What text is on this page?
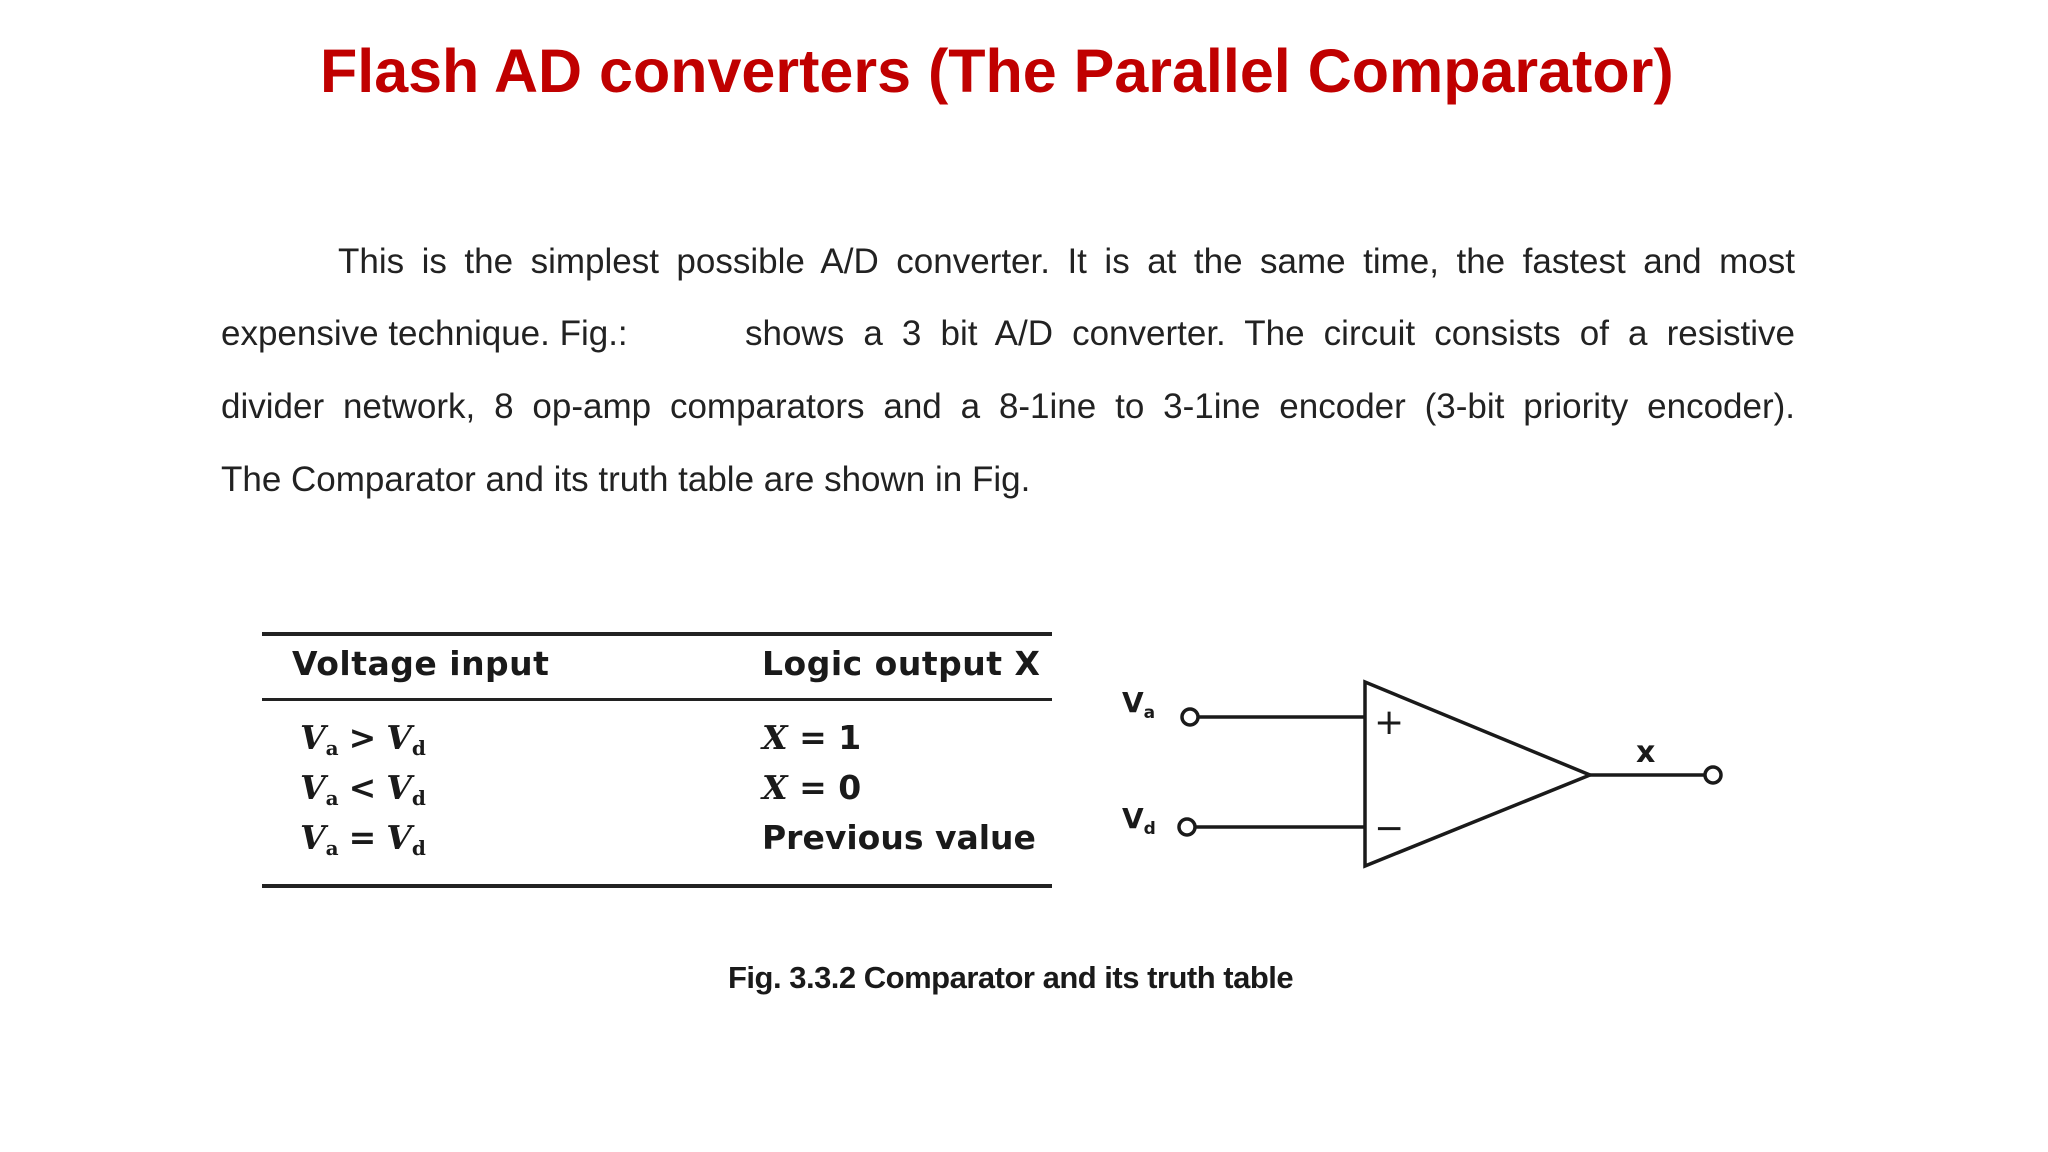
Flash AD converters (The Parallel Comparator)
This is the simplest possible A/D converter. It is at the same time, the fastest and most
expensive technique. Fig.:	shows a 3 bit A/D converter. The circuit consists of a resistive
divider network, 8 op-amp comparators and a 8-1ine to 3-1ine encoder (3-bit priority encoder).
The Comparator and its truth table are shown in Fig.
Voltage input	Logic output X
$V_a > V_d$	X = 1
$V_a < V_d$	X = 0
$V_a = V_d$	Previous value
$V_a$
$V_d$
+
−
x
Fig. 3.3.2 Comparator and its truth table
